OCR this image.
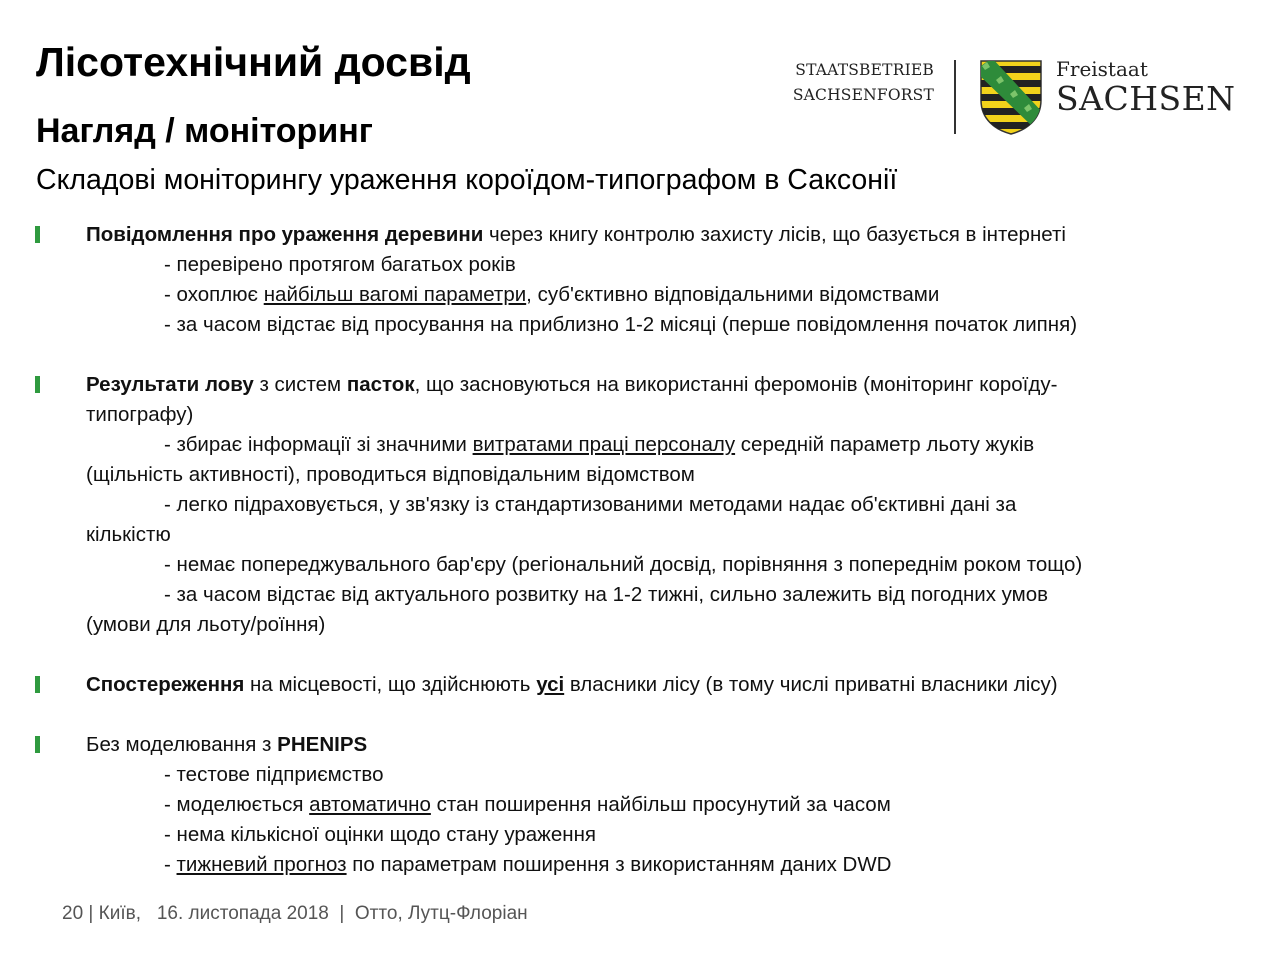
Лісотехнічний досвід
Нагляд / моніторинг
Складові моніторингу ураження короїдом-типографом в Саксонії
STAATSBETRIEB
SACHSENFORST
Freistaat
SACHSEN
Повідомлення про ураження деревини через книгу контролю захисту лісів, що базується в інтернеті
- перевірено протягом багатьох років
- охоплює найбільш вагомі параметри, суб'єктивно відповідальними відомствами
- за часом відстає від просування на приблизно 1-2 місяці (перше повідомлення початок липня)
Результати лову з систем пасток, що засновуються на використанні феромонів (моніторинг короїду-
типографу)
- збирає інформації зі значними витратами праці персоналу середній параметр льоту жуків
(щільність активності), проводиться відповідальним відомством
- легко підраховується, у зв'язку із стандартизованими методами надає об'єктивні дані за
кількістю
- немає попереджувального бар'єру (регіональний досвід, порівняння з попереднім роком тощо)
- за часом відстає від актуального розвитку на 1-2 тижні, сильно залежить від погодних умов
(умови для льоту/роїння)
Спостереження на місцевості, що здійснюють усі власники лісу (в тому числі приватні власники лісу)
Без моделювання з PHENIPS
- тестове підприємство
- моделюється автоматично стан поширення найбільш просунутий за часом
- нема кількісної оцінки щодо стану ураження
- тижневий прогноз по параметрам поширення з використанням даних DWD
20 | Київ, 16. листопада 2018  |  Отто, Лутц-Флоріан
